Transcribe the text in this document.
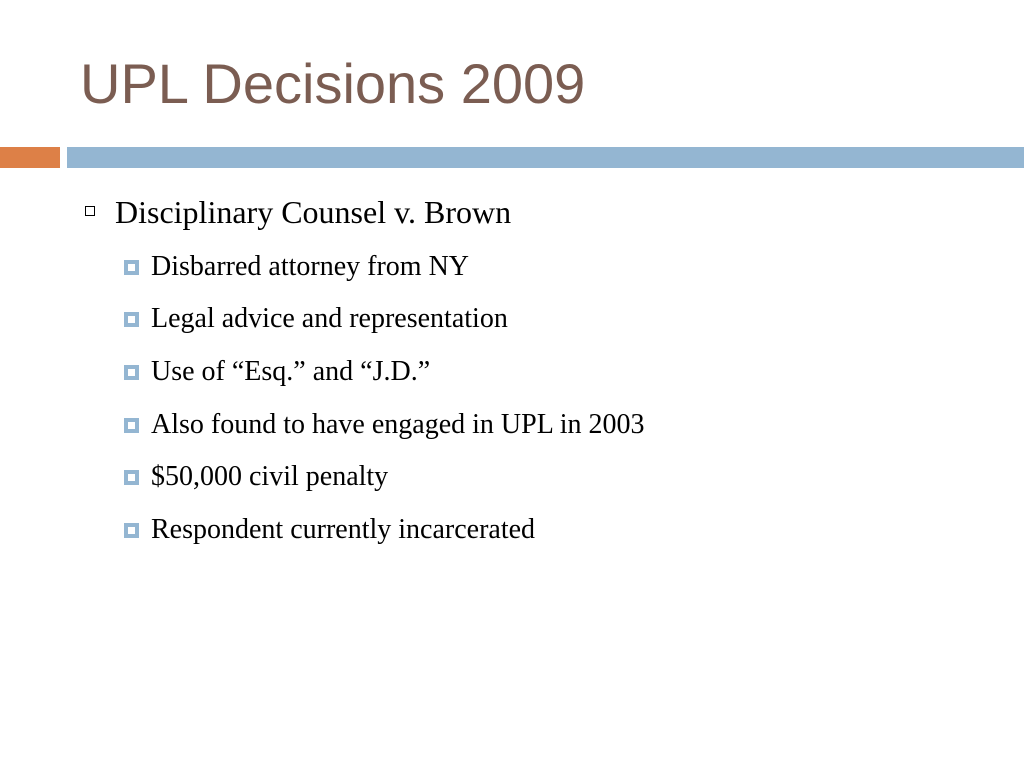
UPL Decisions 2009
Disciplinary Counsel v. Brown
Disbarred attorney from NY
Legal advice and representation
Use of “Esq.” and “J.D.”
Also found to have engaged in UPL in 2003
$50,000 civil penalty
Respondent currently incarcerated
